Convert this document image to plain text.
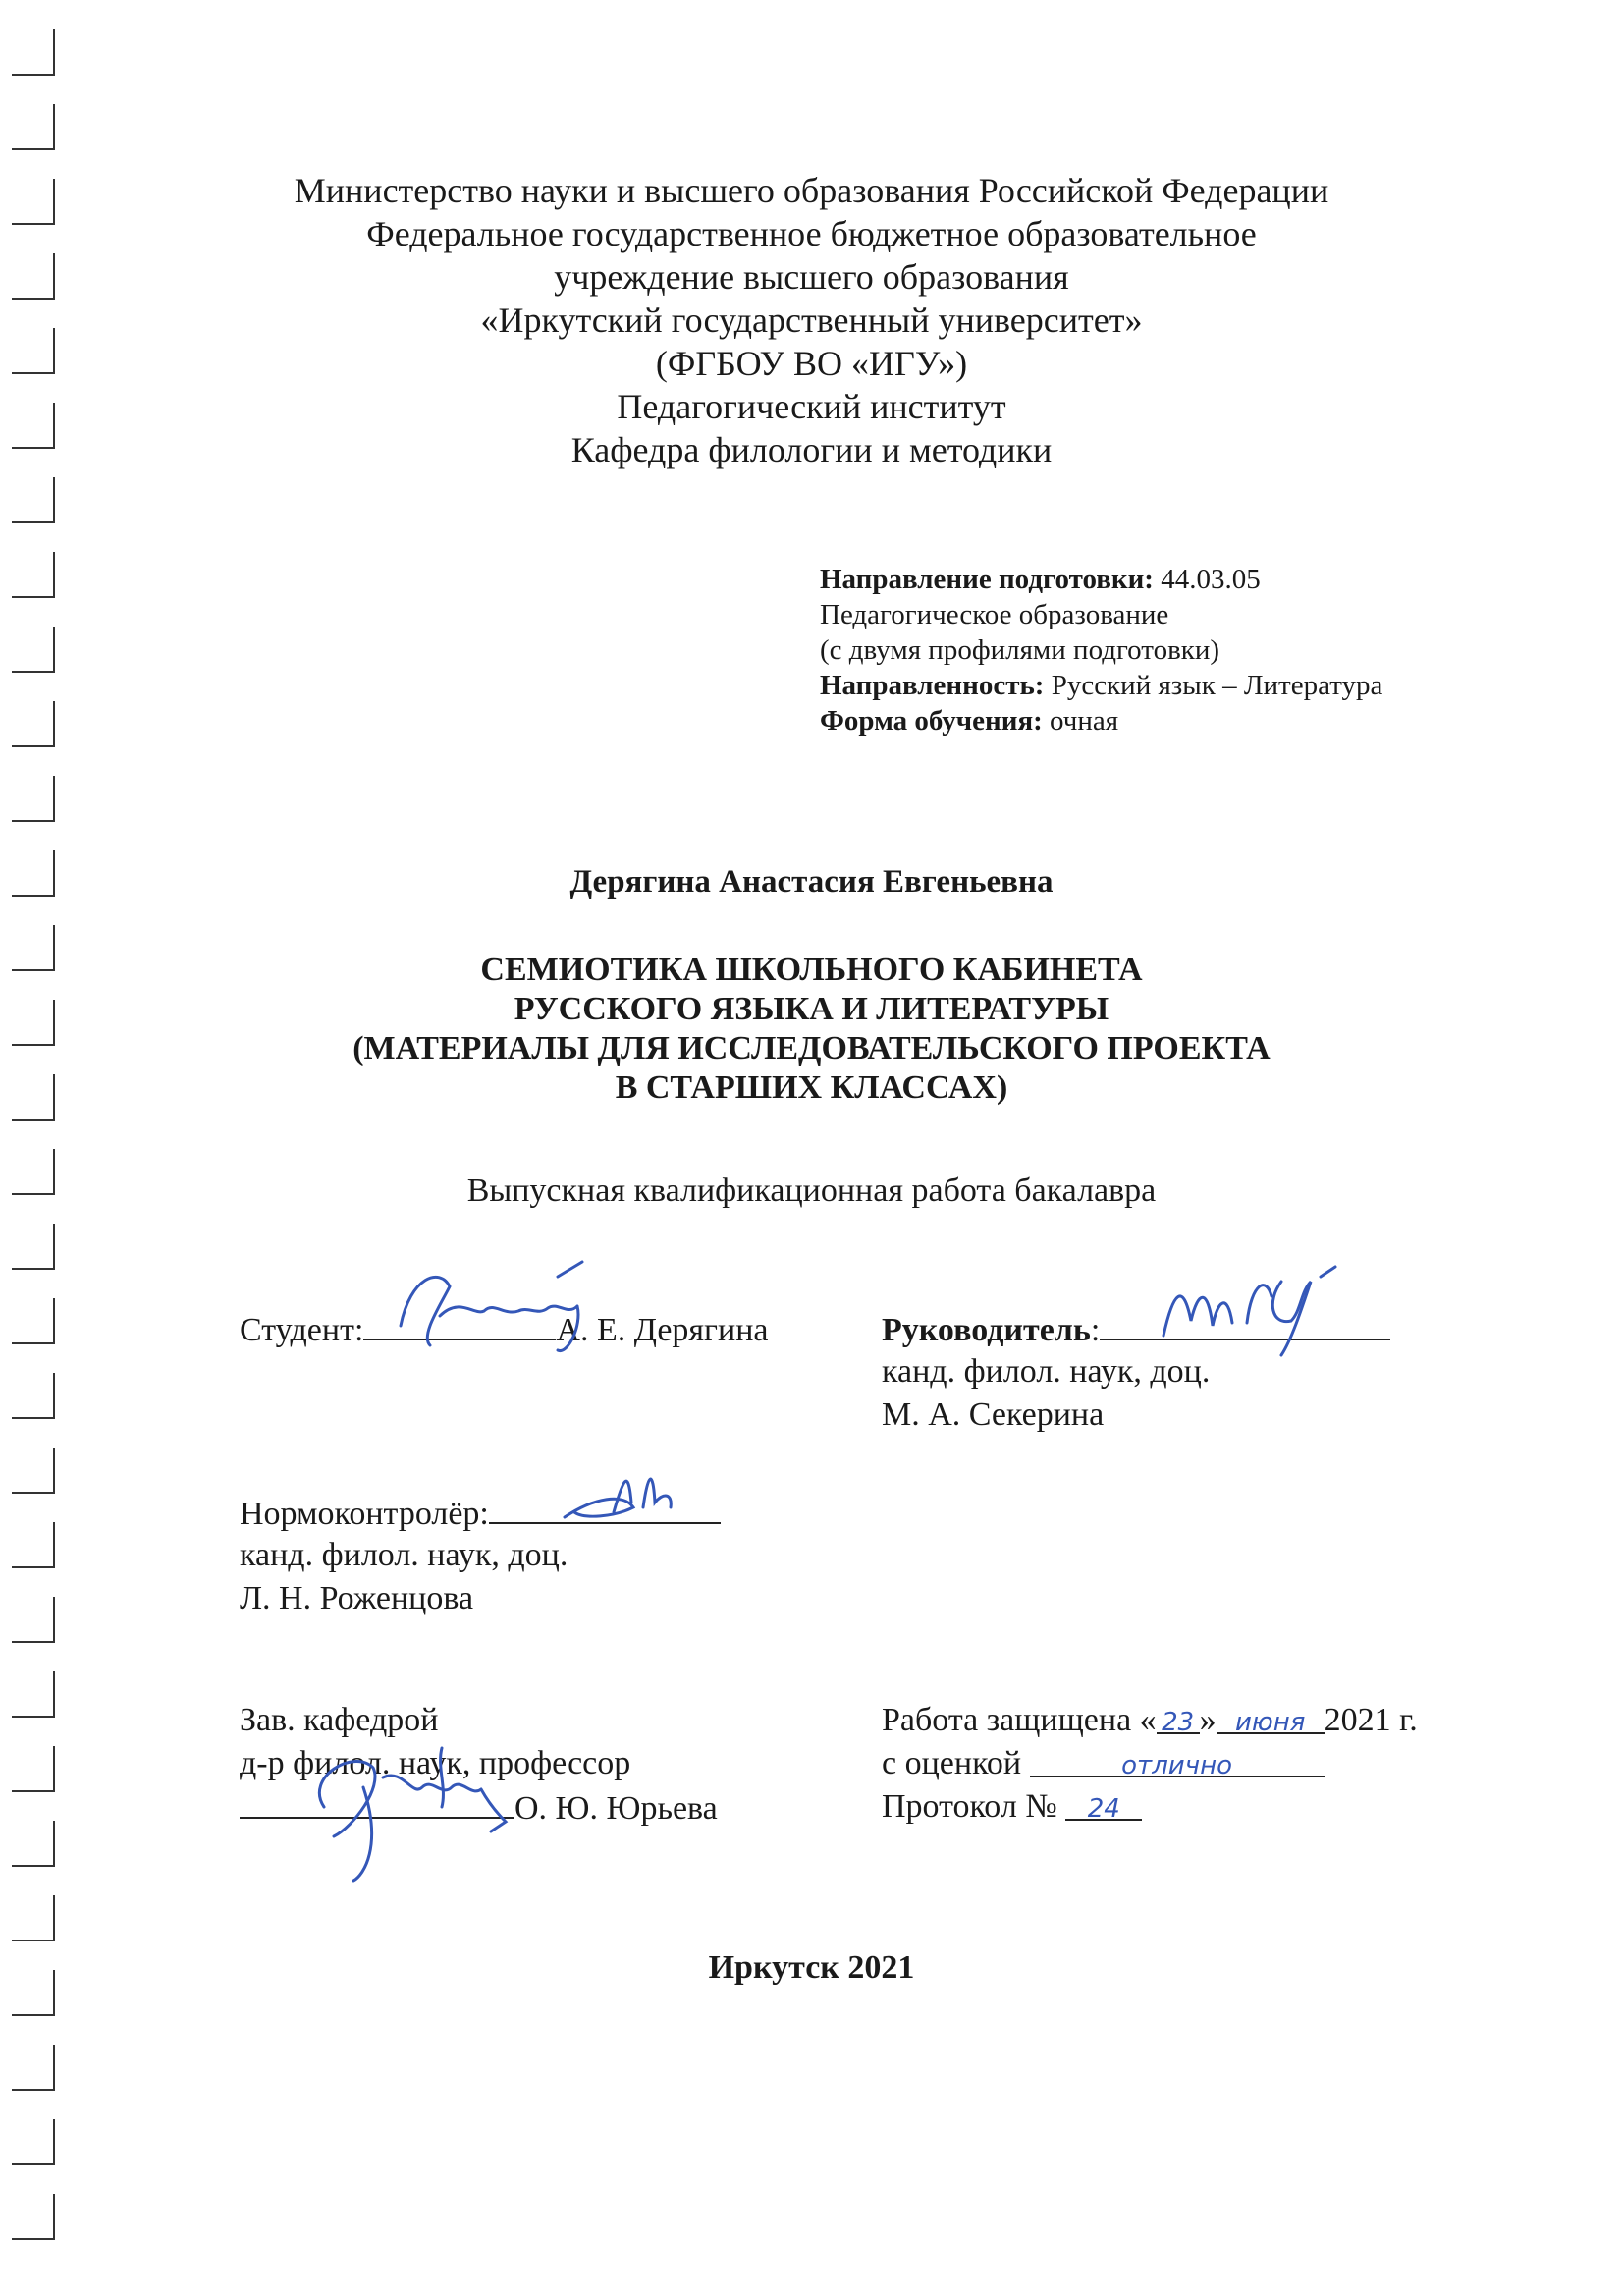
Министерство науки и высшего образования Российской Федерации
Федеральное государственное бюджетное образовательное
учреждение высшего образования
«Иркутский государственный университет»
(ФГБОУ ВО «ИГУ»)
Педагогический институт
Кафедра филологии и методики
Направление подготовки: 44.03.05
Педагогическое образование
(с двумя профилями подготовки)
Направленность: Русский язык – Литература
Форма обучения: очная
Дерягина Анастасия Евгеньевна
СЕМИОТИКА ШКОЛЬНОГО КАБИНЕТА
РУССКОГО ЯЗЫКА И ЛИТЕРАТУРЫ
(МАТЕРИАЛЫ ДЛЯ ИССЛЕДОВАТЕЛЬСКОГО ПРОЕКТА
В СТАРШИХ КЛАССАХ)
Выпускная квалификационная работа бакалавра
Студент:	А. Е. Дерягина	Руководитель:
канд. филол. наук, доц.
М. А. Секерина
Нормоконтролёр:
канд. филол. наук, доц.
Л. Н. Роженцова
Зав. кафедрой
д-р филол. наук, профессор
О. Ю. Юрьева
Работа защищена « 23 » июня 2021 г.
с оценкой	отлично
Протокол № 24
Иркутск 2021
